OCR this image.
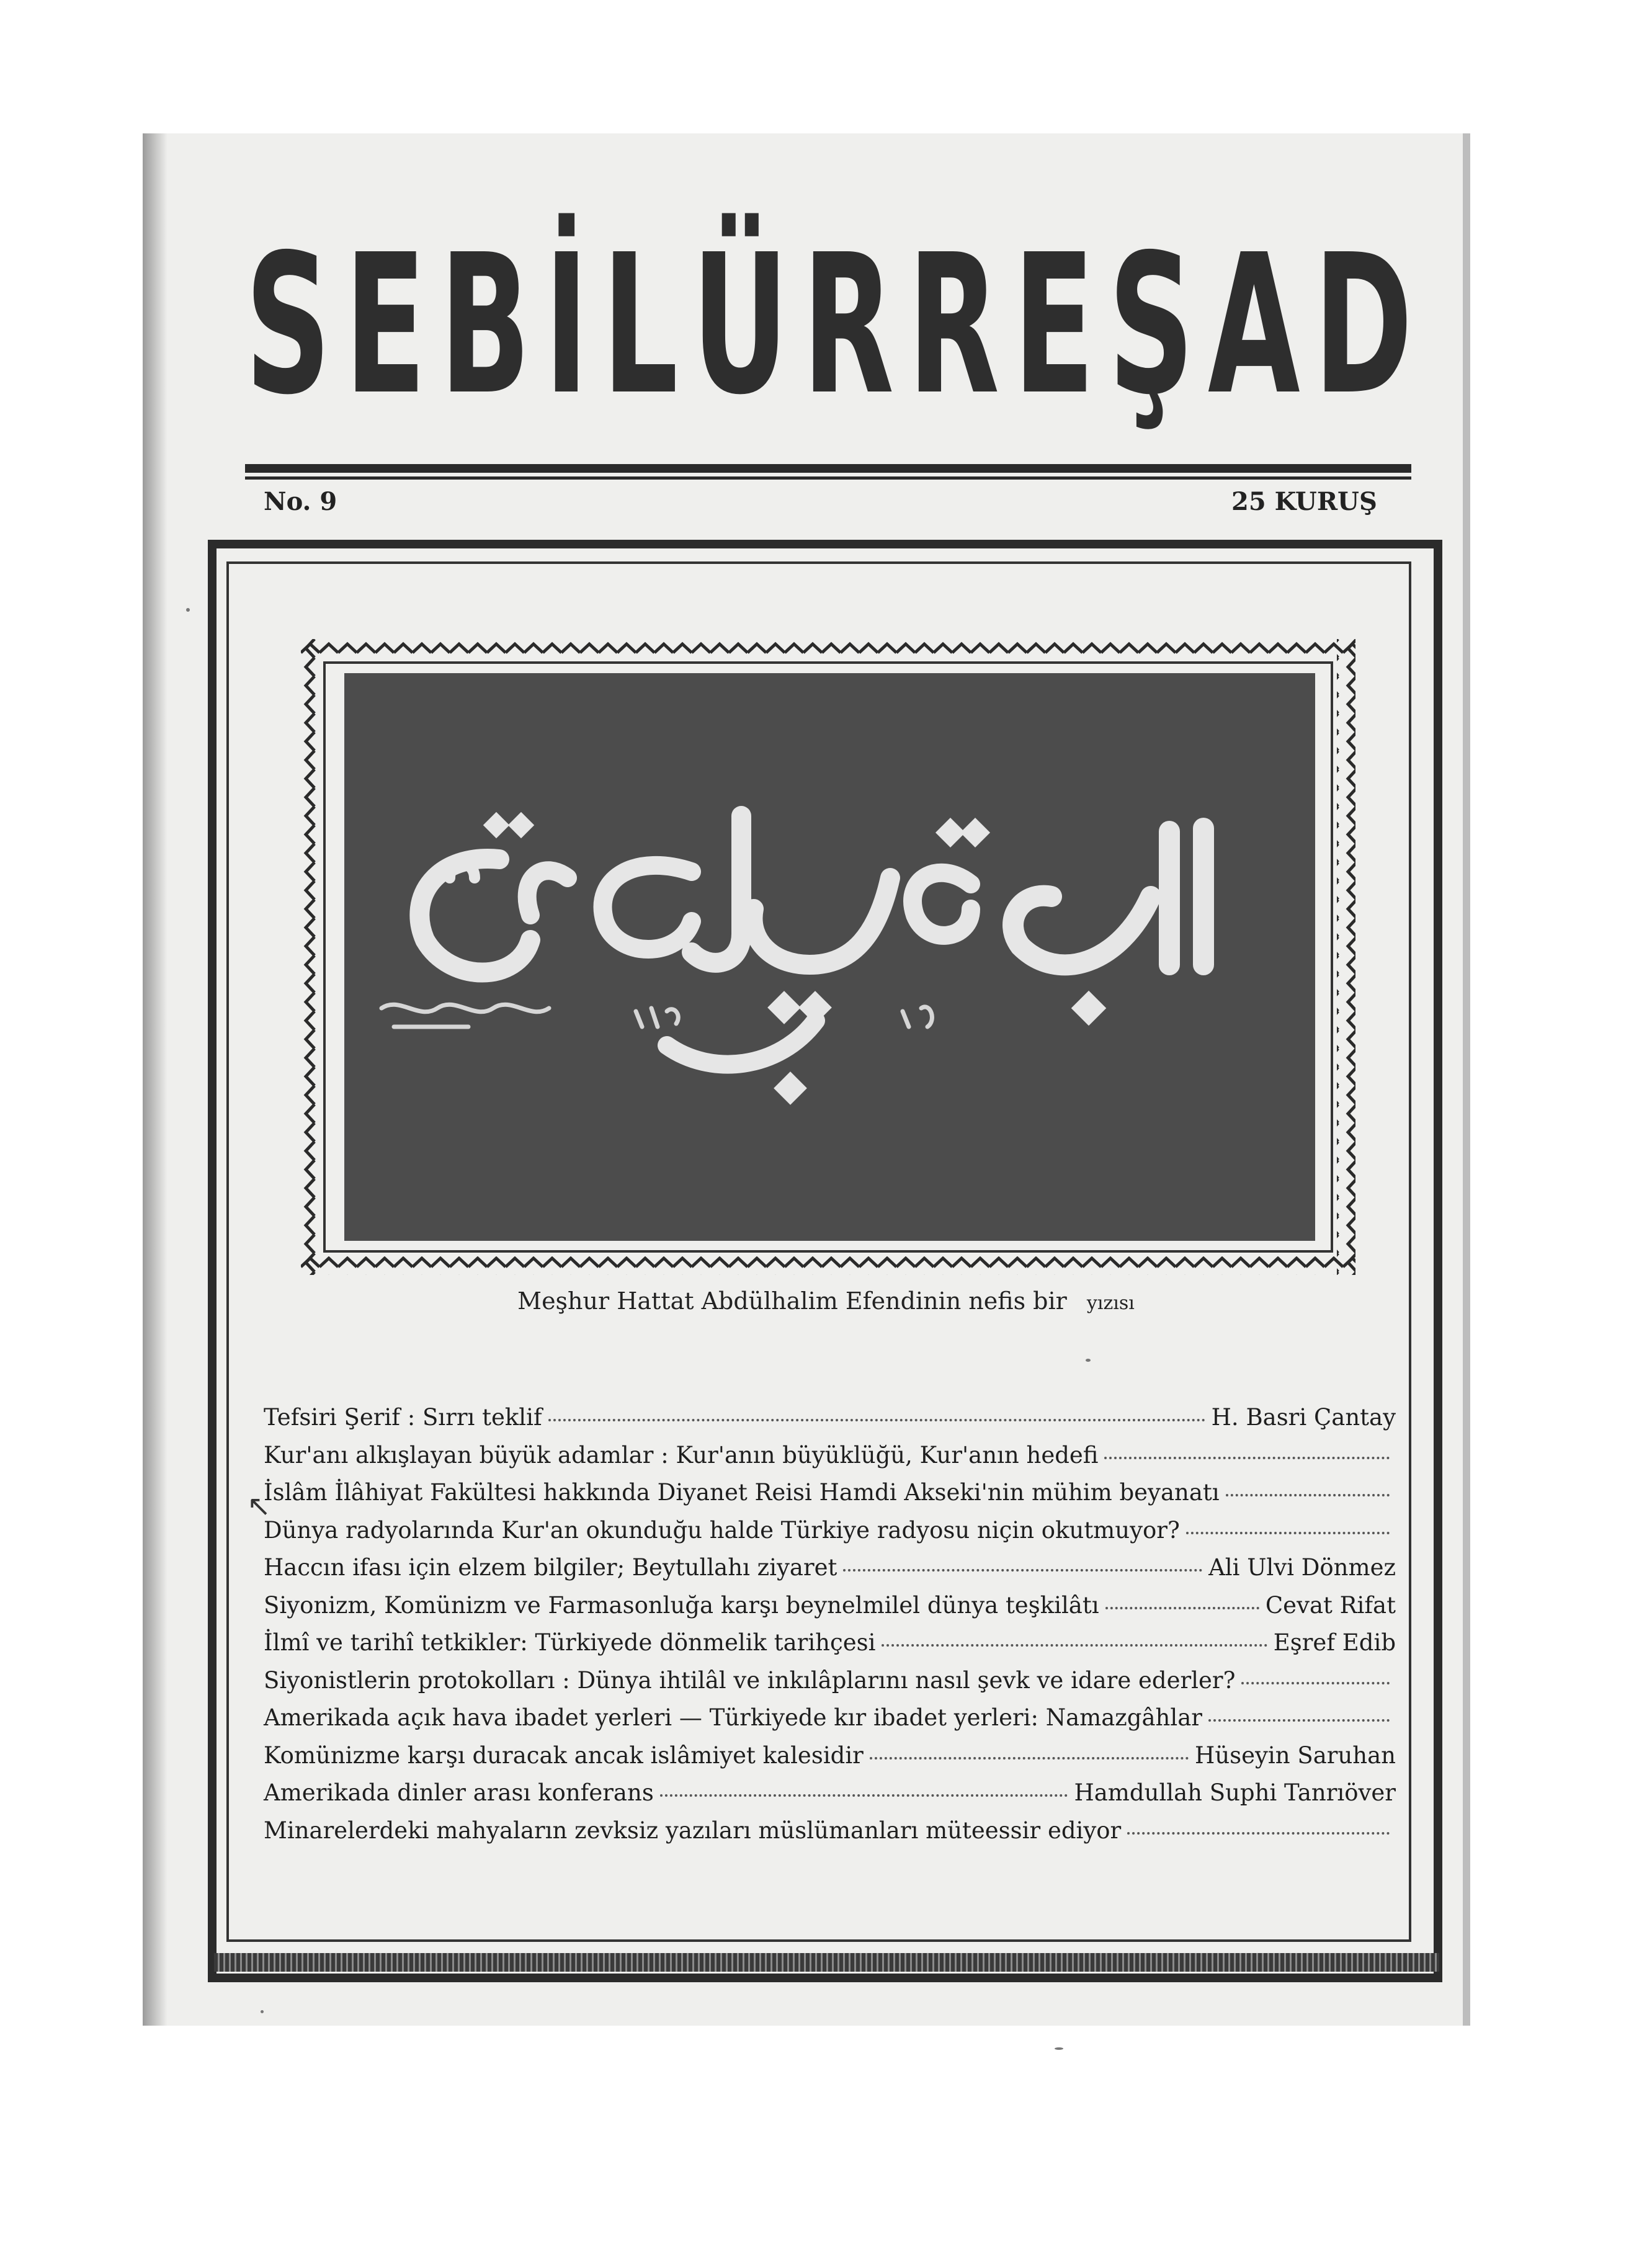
S E B İ L Ü R R E Ş A D
No. 9	25 KURUŞ
Meşhur Hattat Abdülhalim Efendinin nefis bir yızısı
↖
Tefsiri Şerif : Sırrı teklif	H. Basri Çantay
Kur'anı alkışlayan büyük adamlar : Kur'anın büyüklüğü, Kur'anın hedefi
İslâm İlâhiyat Fakültesi hakkında Diyanet Reisi Hamdi Akseki'nin mühim beyanatı
Dünya radyolarında Kur'an okunduğu halde Türkiye radyosu niçin okutmuyor?
Haccın ifası için elzem bilgiler; Beytullahı ziyaret	Ali Ulvi Dönmez
Siyonizm, Komünizm ve Farmasonluğa karşı beynelmilel dünya teşkilâtı	Cevat Rifat
İlmî ve tarihî tetkikler: Türkiyede dönmelik tarihçesi	Eşref Edib
Siyonistlerin protokolları : Dünya ihtilâl ve inkılâplarını nasıl şevk ve idare ederler?
Amerikada açık hava ibadet yerleri — Türkiyede kır ibadet yerleri: Namazgâhlar
Komünizme karşı duracak ancak islâmiyet kalesidir	Hüseyin Saruhan
Amerikada dinler arası konferans	Hamdullah Suphi Tanrıöver
Minarelerdeki mahyaların zevksiz yazıları müslümanları müteessir ediyor
